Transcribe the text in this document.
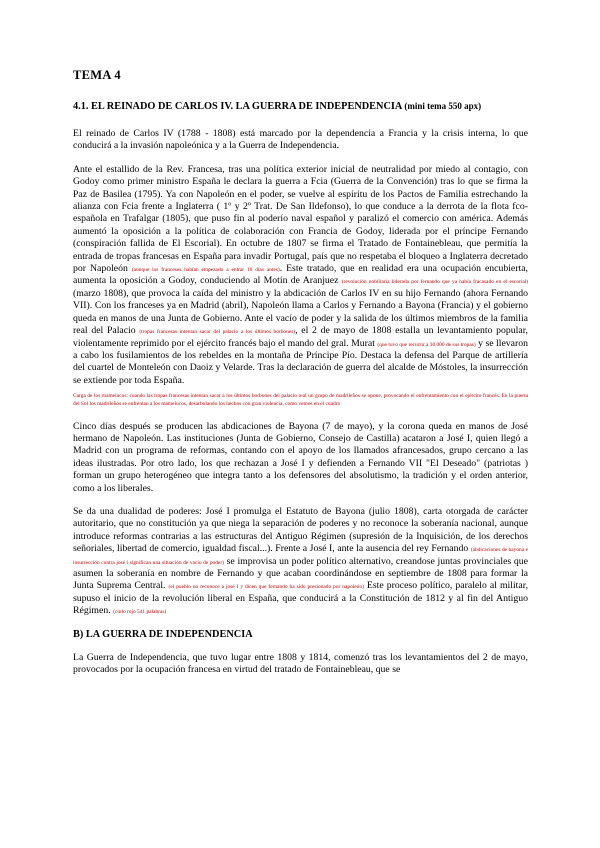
TEMA 4
4.1. EL REINADO DE CARLOS IV. LA GUERRA DE INDEPENDENCIA (mini tema 550 apx)

El reinado de Carlos IV (1788 - 1808) está marcado por la dependencia a Francia y la crisis interna, lo que conducirá a la invasión napoleónica y a la Guerra de Independencia.

Ante el estallido de la Rev. Francesa, tras una política exterior inicial de neutralidad por miedo al contagio, con Godoy como primer ministro España le declara la guerra a Fcia (Guerra de la Convención) tras lo que se firma la Paz de Basilea (1795). Ya con Napoleón en el poder, se vuelve al espíritu de los Pactos de Familia estrechando la alianza con Fcia frente a Inglaterra ( 1º y 2º Trat. De San Ildefonso), lo que conduce a la derrota de la flota fco-española en Trafalgar (1805), que puso fin al poderío naval español y paralizó el comercio con américa. Además aumentó la oposición a la política de colaboración con Francia de Godoy, liderada por el príncipe Fernando (conspiración fallida de El Escorial). En octubre de 1807 se firma el Tratado de Fontainebleau, que permitía la entrada de tropas francesas en España para invadir Portugal, país que no respetaba el bloqueo a Inglaterra decretado por Napoleón (aunque los franceses habían empezado a entrar 10 días antes). Este tratado, que en realidad era una ocupación encubierta, aumenta la oposición a Godoy, conduciendo al Motín de Aranjuez (revolución nobiliaria liderada por fernando que ya había fracasado en el escorial) (marzo 1808), que provoca la caída del ministro y la abdicación de Carlos IV en su hijo Fernando (ahora Fernando VII). Con los franceses ya en Madrid (abril), Napoleón llama a Carlos y Fernando a Bayona (Francia) y el gobierno queda en manos de una Junta de Gobierno. Ante el vacío de poder y la salida de los últimos miembros de la familia real del Palacio (tropas francesas intentan sacar del palacio a los últimos borbones), el 2 de mayo de 1808 estalla un levantamiento popular, violentamente reprimido por el ejército francés bajo el mando del gral. Murat (que tuvo que recurrir a 30.000 de sus tropas) y se llevaron a cabo los fusilamientos de los rebeldes en la montaña de Príncipe Pío. Destaca la defensa del Parque de artillería del cuartel de Monteleón con Daoiz y Velarde. Tras la declaración de guerra del alcalde de Móstoles, la insurrección se extiende por toda España.

Carga de los mamelucos: cuando las tropas francesas intentan sacar a los últimos borbones del palacio real un grupo de madrileños se opone, provocando el enfrentamiento con el ejército francés. En la puerta del Sol los madrileños se enfrentan a los mamelucos, desarbolando los hechos con gran violencia, como vemos en el cuadro

Cinco días después se producen las abdicaciones de Bayona (7 de mayo), y la corona queda en manos de José hermano de Napoleón. Las instituciones (Junta de Gobierno, Consejo de Castilla) acataron a José I, quien llegó a Madrid con un programa de reformas, contando con el apoyo de los llamados afrancesados, grupo cercano a las ideas ilustradas. Por otro lado, los que rechazan a José I y defienden a Fernando VII "El Deseado" (patriotas ) forman un grupo heterogéneo que integra tanto a los defensores del absolutismo, la tradición y el orden anterior, como a los liberales.

Se da una dualidad de poderes: José I promulga el Estatuto de Bayona (julio 1808), carta otorgada de carácter autoritario, que no constitución ya que niega la separación de poderes y no reconoce la soberanía nacional, aunque introduce reformas contrarias a las estructuras del Antiguo Régimen (supresión de la Inquisición, de los derechos señoriales, libertad de comercio, igualdad fiscal...). Frente a José I, ante la ausencia del rey Fernando (abdicaciones de bayona e insurrección contra josé i significan una situación de vacío de poder) se improvisa un poder político alternativo, creandose juntas provinciales que asumen la soberanía en nombre de Fernando y que acaban coordinándose en septiembre de 1808 para formar la Junta Suprema Central. (el pueblo no reconoce a josé I y dicen que fernando ha sido presionado por napoleón) Este proceso político, paralelo al militar, supuso el inicio de la revolución liberal en España, que conducirá a la Constitución de 1812 y al fin del Antiguo Régimen. (cinlo rojo 541 palabras)

B) LA GUERRA DE INDEPENDENCIA

La Guerra de Independencia, que tuvo lugar entre 1808 y 1814, comenzó tras los levantamientos del 2 de mayo, provocados por la ocupación francesa en virtud del tratado de Fontainebleau, que se
